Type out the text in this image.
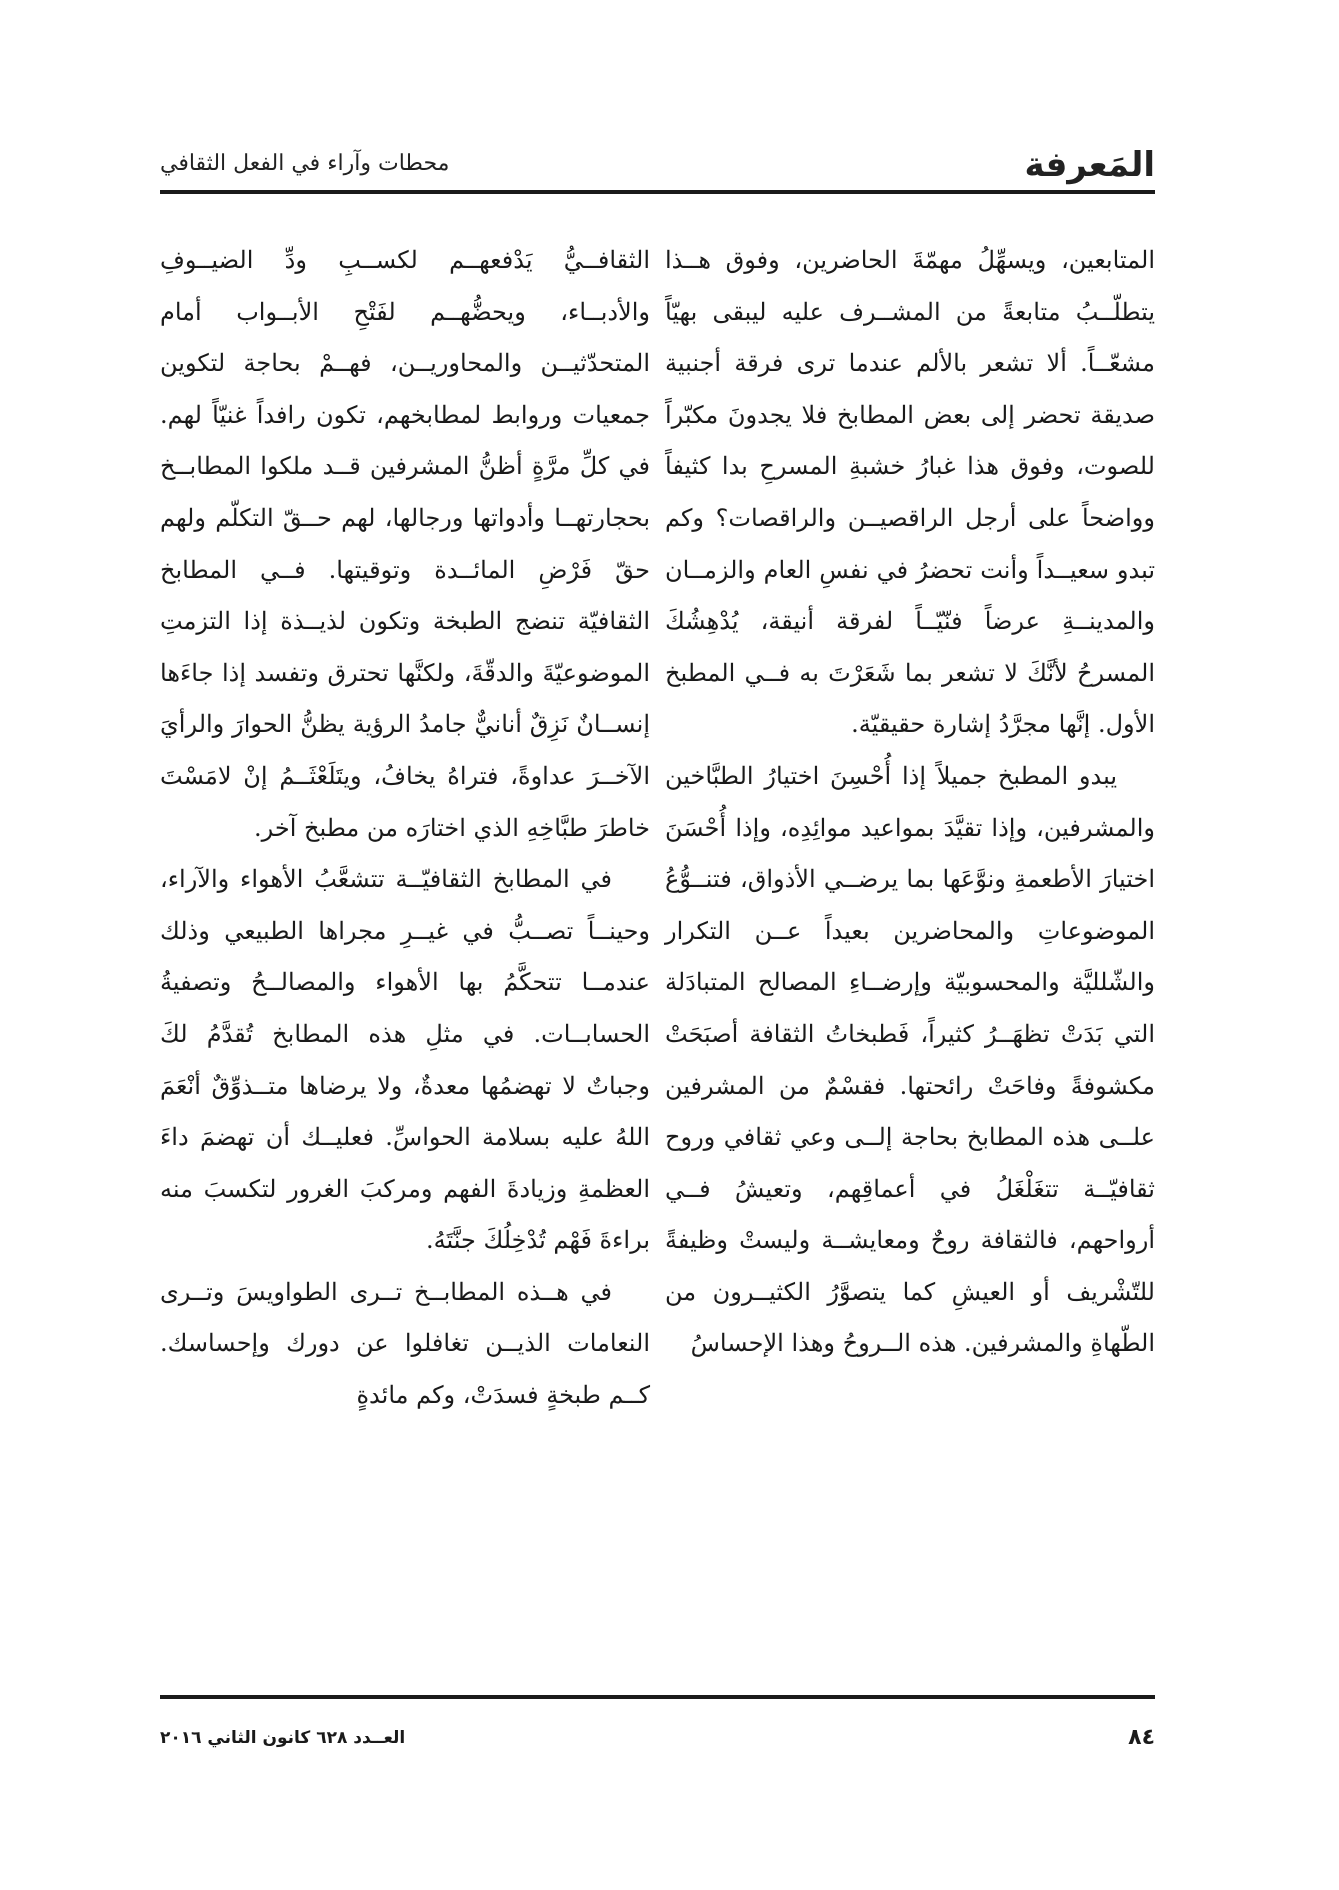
المَعرفة
محطات وآراء في الفعل الثقافي

المتابعين، ويسهِّلُ مهمّةَ الحاضرين، وفوق هــذا يتطلّــبُ متابعةً من المشــرف عليه ليبقى بهيّاً مشعّــاً. ألا تشعر بالألم عندما ترى فرقة أجنبية صديقة تحضر إلى بعض المطابخ فلا يجدونَ مكبّراً للصوت، وفوق هذا غبارُ خشبةِ المسرحِ بدا كثيفاً وواضحاً على أرجل الراقصيــن والراقصات؟ وكم تبدو سعيــداً وأنت تحضرُ في نفسِ العام والزمــان والمدينــةِ عرضاً فنّيّــاً لفرقة أنيقة، يُدْهِشُكَ المسرحُ لأنَّكَ لا تشعر بما شَعَرْتَ به فــي المطبخ الأول. إنَّها مجرَّدُ إشارة حقيقيّة.

يبدو المطبخ جميلاً إذا أُحْسِنَ اختيارُ الطبَّاخين والمشرفين، وإذا تقيَّدَ بمواعيد موائِدِه، وإذا أُحْسَنَ اختيارَ الأطعمةِ ونوَّعَها بما يرضــي الأذواق، فتنــوُّعُ الموضوعاتِ والمحاضرين بعيداً عــن التكرار والشّلليَّة والمحسوبيّة وإرضــاءِ المصالح المتبادَلة التي بَدَتْ تظهَــرُ كثيراً، فَطبخاتُ الثقافة أصبَحَتْ مكشوفةً وفاحَتْ رائحتها. فقسْمٌ من المشرفين علــى هذه المطابخ بحاجة إلــى وعي ثقافي وروح ثقافيّــة تتغَلْغَلُ في أعماقِهم، وتعيشُ فــي أرواحهم، فالثقافة روحٌ ومعايشــة وليستْ وظيفةً للتّشْريف أو العيشِ كما يتصوَّرُ الكثيــرون من الطّهاةِ والمشرفين. هذه الــروحُ وهذا الإحساسُ

الثقافــيُّ يَدْفعهــم لكســبِ ودِّ الضيــوفِ والأدبــاء، ويحضُّهــم لفَتْحِ الأبــواب أمام المتحدّثيــن والمحاوريــن، فهــمْ بحاجة لتكوين جمعيات وروابط لمطابخهم، تكون رافداً غنيّاً لهم. في كلِّ مرَّةٍ أظنُّ المشرفين قــد ملكوا المطابــخ بحجارتهــا وأدواتها ورجالها، لهم حــقّ التكلّم ولهم حقّ فَرْضِ المائــدة وتوقيتها. فــي المطابخ الثقافيّة تنضج الطبخة وتكون لذيــذة إذا التزمتِ الموضوعيّةَ والدقّةَ، ولكنَّها تحترق وتفسد إذا جاءَها إنســانٌ نَزِقٌ أنانيٌّ جامدُ الرؤية يظنُّ الحوارَ والرأيَ الآخــرَ عداوةً، فتراهُ يخافُ، ويتَلَعْثَــمُ إنْ لامَسْتَ خاطرَ طبَّاخِهِ الذي اختارَه من مطبخ آخر.

في المطابخ الثقافيّــة تتشعَّبُ الأهواء والآراء، وحينــاً تصــبُّ في غيــرِ مجراها الطبيعي وذلك عندمــا تتحكَّمُ بها الأهواء والمصالــحُ وتصفيةُ الحسابــات. في مثلِ هذه المطابخ تُقدَّمُ لكَ وجباتٌ لا تهضمُها معدةٌ، ولا يرضاها متــذوِّقٌ أنْعَمَ اللهُ عليه بسلامة الحواسِّ. فعليــك أن تهضمَ داءَ العظمةِ وزيادةَ الفهم ومركبَ الغرور لتكسبَ منه براءةَ فَهْم تُدْخِلُكَ جنَّتَهُ.

في هــذه المطابــخ تــرى الطواويسَ وتــرى النعامات الذيــن تغافلوا عن دورك وإحساسك. كــم طبخةٍ فسدَتْ، وكم مائدةٍ

٨٤
العــدد ٦٢٨ كانون الثاني ٢٠١٦
